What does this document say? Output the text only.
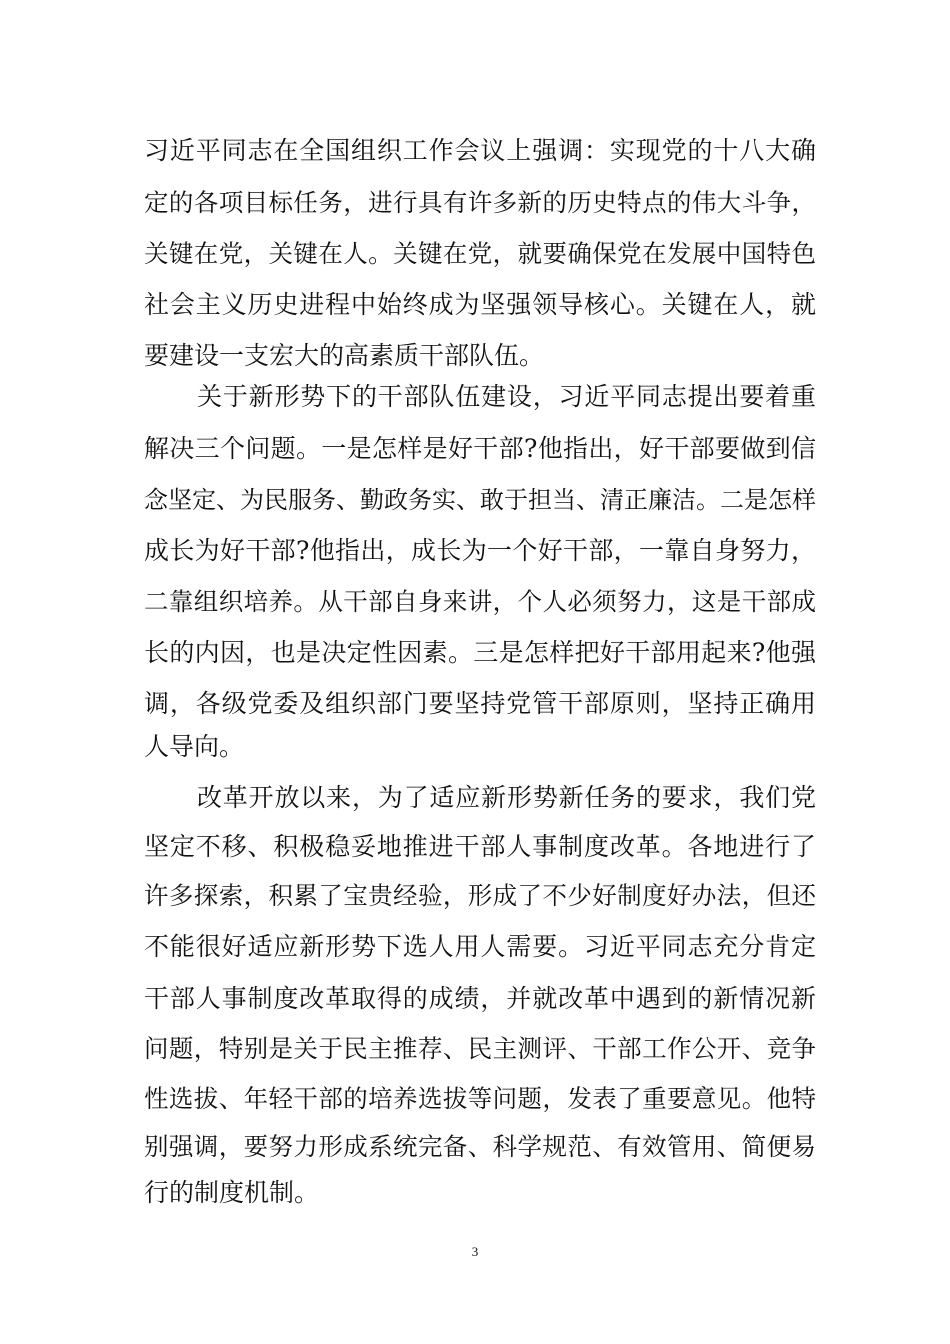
习近平同志在全国组织工作会议上强调：实现党的十八大确
定的各项目标任务，进行具有许多新的历史特点的伟大斗争，
关键在党，关键在人。关键在党，就要确保党在发展中国特色
社会主义历史进程中始终成为坚强领导核心。关键在人，就
要建设一支宏大的高素质干部队伍。
关于新形势下的干部队伍建设，习近平同志提出要着重
解决三个问题。一是怎样是好干部?他指出，好干部要做到信
念坚定、为民服务、勤政务实、敢于担当、清正廉洁。二是怎样
成长为好干部?他指出，成长为一个好干部，一靠自身努力，
二靠组织培养。从干部自身来讲，个人必须努力，这是干部成
长的内因，也是决定性因素。三是怎样把好干部用起来?他强
调，各级党委及组织部门要坚持党管干部原则，坚持正确用
人导向。
改革开放以来，为了适应新形势新任务的要求，我们党
坚定不移、积极稳妥地推进干部人事制度改革。各地进行了
许多探索，积累了宝贵经验，形成了不少好制度好办法，但还
不能很好适应新形势下选人用人需要。习近平同志充分肯定
干部人事制度改革取得的成绩，并就改革中遇到的新情况新
问题，特别是关于民主推荐、民主测评、干部工作公开、竞争
性选拔、年轻干部的培养选拔等问题，发表了重要意见。他特
别强调，要努力形成系统完备、科学规范、有效管用、简便易
行的制度机制。
3
